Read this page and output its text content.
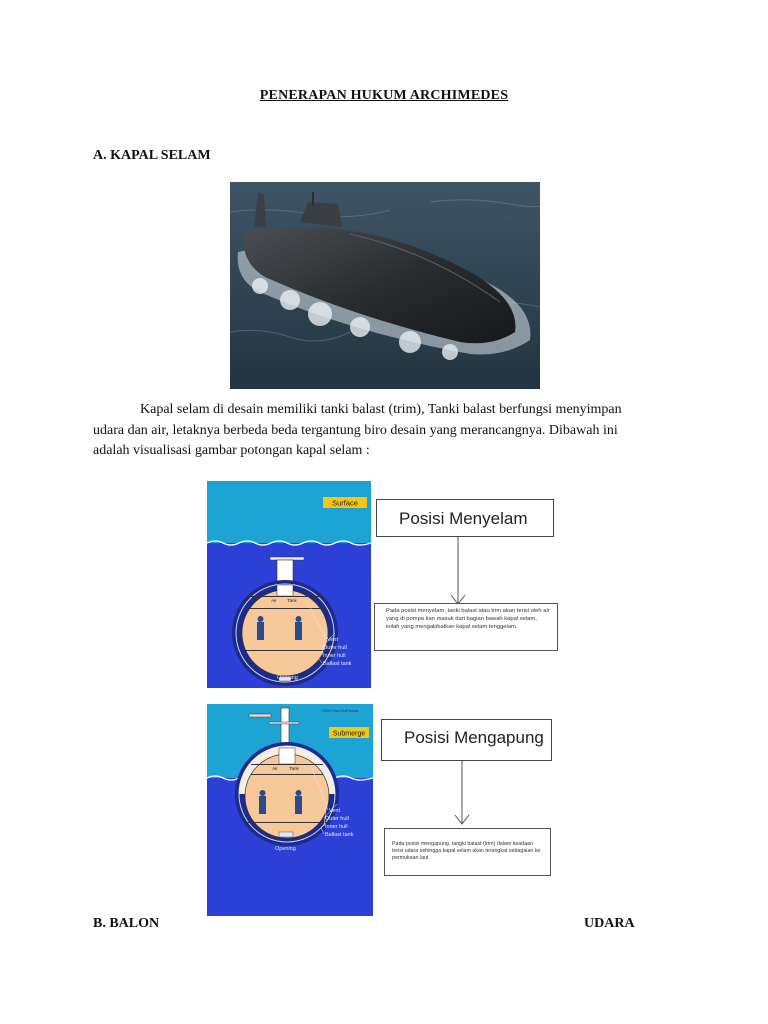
PENERAPAN HUKUM ARCHIMEDES
A. KAPAL SELAM
Kapal selam di desain memiliki tanki balast (trim), Tanki balast berfungsi menyimpan udara dan air, letaknya berbeda beda tergantung biro desain yang merancangnya. Dibawah ini adalah visualisasi gambar potongan kapal selam :
Surface
Air Tank
Vent
Outer hull
Inner hull
Ballast tank
Opening
Posisi Menyelam
Pada posisi menyelam, tanki balast atau trim akan terisi oleh air yang di pompa kan masuk dari bagian bawah kapal selam, inilah yang mengakibatkan kapal selam tenggelam.
©2000 How Stuff Works
Submerge
Air	Tank
Vent
Outer hull
Inner hull
Ballast tank
Opening
Posisi Mengapung
Pada posisi mengapung, tangki balast (trim) dalam keadaan terisi udara sehingga kapal selam akan terangkat sebagaian ke permukaan laut
B. BALON	UDARA
